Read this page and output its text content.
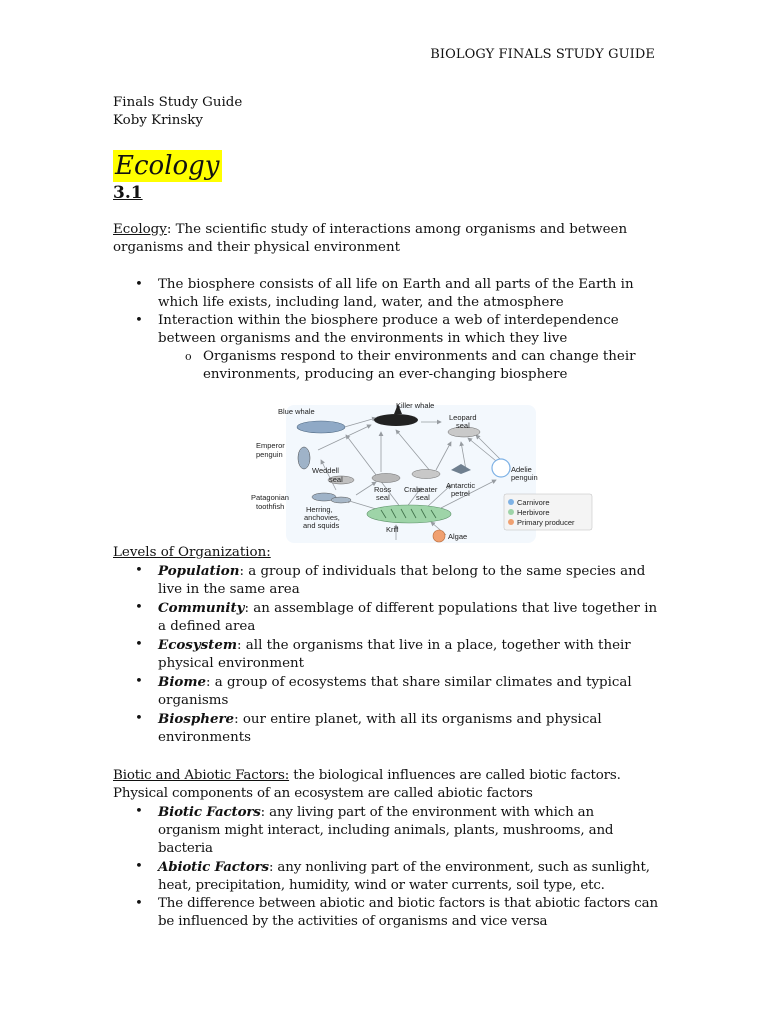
BIOLOGY FINALS STUDY GUIDE
Finals Study Guide
Koby Krinsky
Ecology
3.1
Ecology: The scientific study of interactions among organisms and between organisms and their physical environment
• The biosphere consists of all life on Earth and all parts of the Earth in which life exists, including land, water, and the atmosphere
• Interaction within the biosphere produce a web of interdependence between organisms and the environments in which they live
o Organisms respond to their environments and can change their environments, producing an ever-changing biosphere
Blue whale
Killer whale
Leopard
seal
Emperor
penguin
Weddell
seal
Ross
seal
Crabeater
seal
Antarctic
petrel
Adelie
penguin
Patagonian
toothfish	Herring,
anchovies,
and squids	Krill
Algae
Carnivore
Herbivore
Primary producer
Levels of Organization:
• Population: a group of individuals that belong to the same species and live in the same area
• Community: an assemblage of different populations that live together in a defined area
• Ecosystem: all the organisms that live in a place, together with their physical environment
• Biome: a group of ecosystems that share similar climates and typical organisms
• Biosphere: our entire planet, with all its organisms and physical environments
Biotic and Abiotic Factors: the biological influences are called biotic factors. Physical components of an ecosystem are called abiotic factors
• Biotic Factors: any living part of the environment with which an organism might interact, including animals, plants, mushrooms, and bacteria
• Abiotic Factors: any nonliving part of the environment, such as sunlight, heat, precipitation, humidity, wind or water currents, soil type, etc.
• The difference between abiotic and biotic factors is that abiotic factors can be influenced by the activities of organisms and vice versa
